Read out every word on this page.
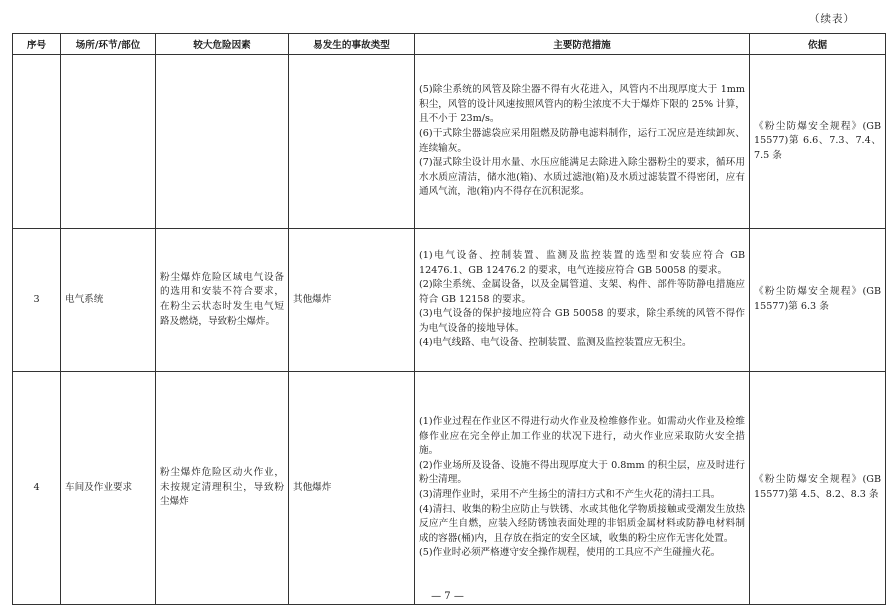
（续表）
序号	场所/环节/部位	较大危险因素	易发生的事故类型	主要防范措施	依据

				(5)除尘系统的风管及除尘器不得有火花进入，风管内不出现厚度大于 1mm 积尘，风管的设计风速按照风管内的粉尘浓度不大于爆炸下限的 25% 计算，且不小于 23m/s。
(6)干式除尘器滤袋应采用阻燃及防静电滤料制作，运行工况应是连续卸灰、连续输灰。
(7)湿式除尘设计用水量、水压应能满足去除进入除尘器粉尘的要求，循环用水水质应清洁，储水池(箱)、水质过滤池(箱)及水质过滤装置不得密闭，应有通风气流，池(箱)内不得存在沉积泥浆。	《粉尘防爆安全规程》(GB 15577)第 6.6、7.3、7.4、7.5 条
3	电气系统	粉尘爆炸危险区域电气设备的选用和安装不符合要求，在粉尘云状态时发生电气短路及燃烧，导致粉尘爆炸。	其他爆炸	(1)电气设备、控制装置、监测及监控装置的选型和安装应符合 GB 12476.1、GB 12476.2 的要求，电气连接应符合 GB 50058 的要求。
(2)除尘系统、金属设备，以及金属管道、支架、构件、部件等防静电措施应符合 GB 12158 的要求。
(3)电气设备的保护接地应符合 GB 50058 的要求，除尘系统的风管不得作为电气设备的接地导体。
(4)电气线路、电气设备、控制装置、监测及监控装置应无积尘。	《粉尘防爆安全规程》(GB 15577)第 6.3 条
4	车间及作业要求	粉尘爆炸危险区动火作业，未按规定清理积尘，导致粉尘爆炸	其他爆炸	(1)作业过程在作业区不得进行动火作业及检维修作业。如需动火作业及检维修作业应在完全停止加工作业的状况下进行，动火作业应采取防火安全措施。
(2)作业场所及设备、设施不得出现厚度大于 0.8mm 的积尘层，应及时进行粉尘清理。
(3)清理作业时，采用不产生扬尘的清扫方式和不产生火花的清扫工具。
(4)清扫、收集的粉尘应防止与铁锈、水或其他化学物质接触或受潮发生放热反应产生自燃，应装入经防锈蚀表面处理的非铝质金属材料或防静电材料制成的容器(桶)内，且存放在指定的安全区域，收集的粉尘应作无害化处置。
(5)作业时必须严格遵守安全操作规程，使用的工具应不产生碰撞火花。	《粉尘防爆安全规程》(GB 15577)第 4.5、8.2、8.3 条
— 7 —
